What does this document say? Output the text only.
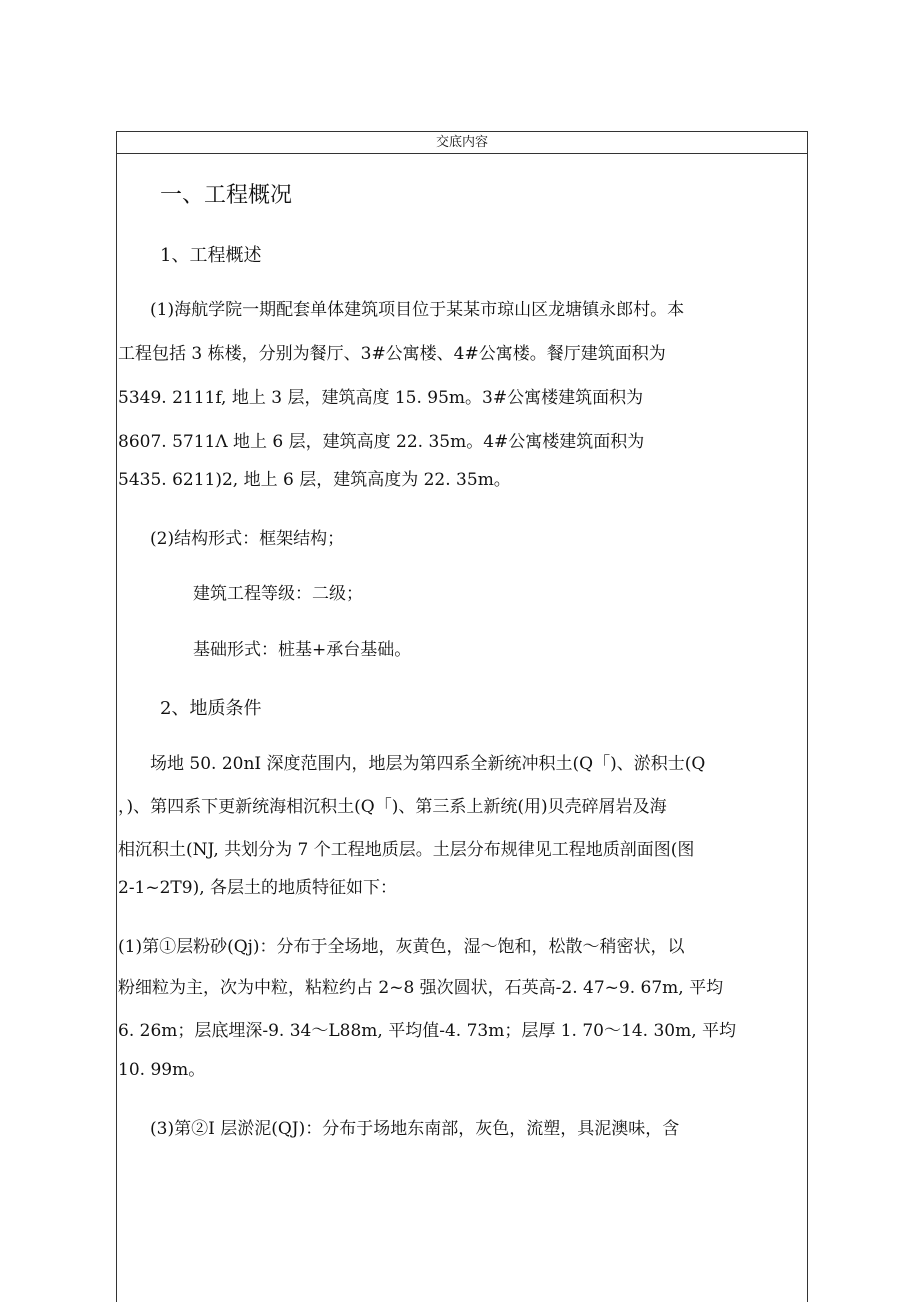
交底内容
一、工程概况
1、工程概述
(1)海航学院一期配套单体建筑项目位于某某市琼山区龙塘镇永郎村。本
工程包括 3 栋楼，分别为餐厅、3#公寓楼、4#公寓楼。餐厅建筑面积为
5349. 2111f, 地上 3 层，建筑高度 15. 95m。3#公寓楼建筑面积为
8607. 5711Λ 地上 6 层，建筑高度 22. 35m。4#公寓楼建筑面积为
5435. 6211)2, 地上 6 层，建筑高度为 22. 35m。
(2)结构形式：框架结构；
建筑工程等级：二级；
基础形式：桩基+承台基础。
2、地质条件
场地 50. 20nI 深度范围内，地层为第四系全新统冲积土(Q「)、淤积士(Q
，)、第四系下更新统海相沉积土(Q「)、第三系上新统(用)贝壳碎屑岩及海
相沉积土(NJ, 共划分为 7 个工程地质层。土层分布规律见工程地质剖面图(图
2-1~2T9), 各层土的地质特征如下：
(1)第①层粉砂(Qj)：分布于全场地，灰黄色，湿～饱和，松散～稍密状，以
粉细粒为主，次为中粒，粘粒约占 2~8 强次圆状，石英高-2. 47~9. 67m, 平均
6. 26m；层底埋深-9. 34～L88m, 平均值-4. 73m；层厚 1. 70～14. 30m, 平均
10. 99m。
(3)第②I 层淤泥(QJ)：分布于场地东南部，灰色，流塑，具泥澳味，含
